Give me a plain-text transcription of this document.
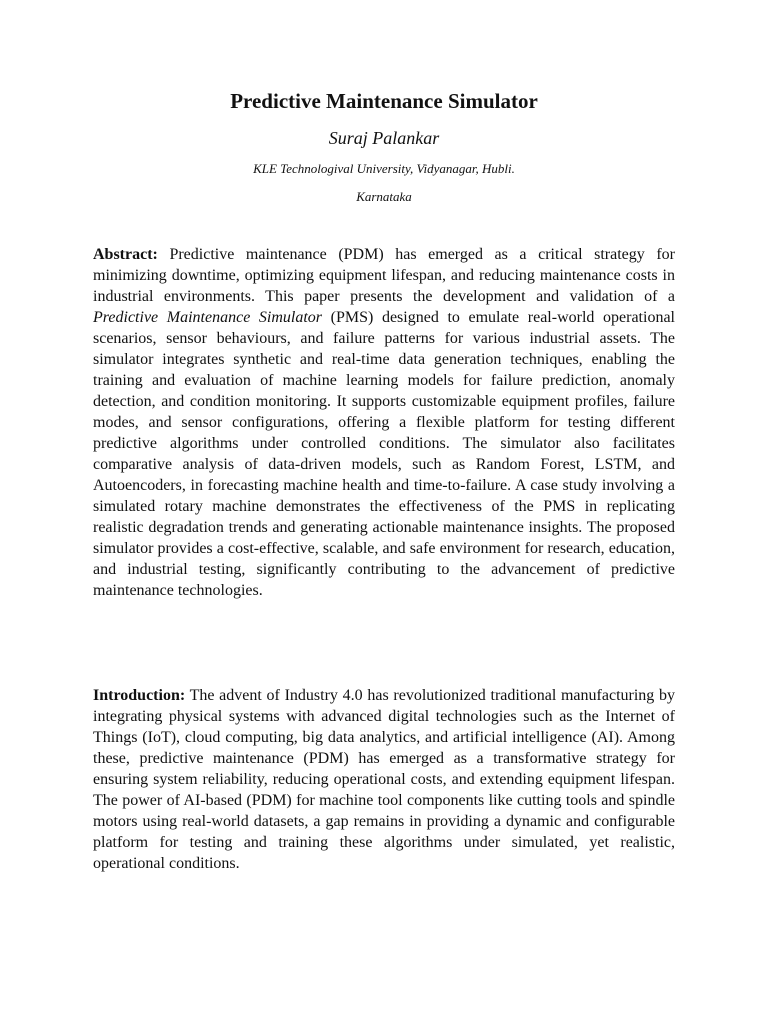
Predictive Maintenance Simulator
Suraj Palankar
KLE Technologival University, Vidyanagar, Hubli.
Karnataka
Abstract: Predictive maintenance (PDM) has emerged as a critical strategy for minimizing downtime, optimizing equipment lifespan, and reducing maintenance costs in industrial environments. This paper presents the development and validation of a Predictive Maintenance Simulator (PMS) designed to emulate real-world operational scenarios, sensor behaviours, and failure patterns for various industrial assets. The simulator integrates synthetic and real-time data generation techniques, enabling the training and evaluation of machine learning models for failure prediction, anomaly detection, and condition monitoring. It supports customizable equipment profiles, failure modes, and sensor configurations, offering a flexible platform for testing different predictive algorithms under controlled conditions. The simulator also facilitates comparative analysis of data-driven models, such as Random Forest, LSTM, and Autoencoders, in forecasting machine health and time-to-failure. A case study involving a simulated rotary machine demonstrates the effectiveness of the PMS in replicating realistic degradation trends and generating actionable maintenance insights. The proposed simulator provides a cost-effective, scalable, and safe environment for research, education, and industrial testing, significantly contributing to the advancement of predictive maintenance technologies.
Introduction: The advent of Industry 4.0 has revolutionized traditional manufacturing by integrating physical systems with advanced digital technologies such as the Internet of Things (IoT), cloud computing, big data analytics, and artificial intelligence (AI). Among these, predictive maintenance (PDM) has emerged as a transformative strategy for ensuring system reliability, reducing operational costs, and extending equipment lifespan. The power of AI-based (PDM) for machine tool components like cutting tools and spindle motors using real-world datasets, a gap remains in providing a dynamic and configurable platform for testing and training these algorithms under simulated, yet realistic, operational conditions.
